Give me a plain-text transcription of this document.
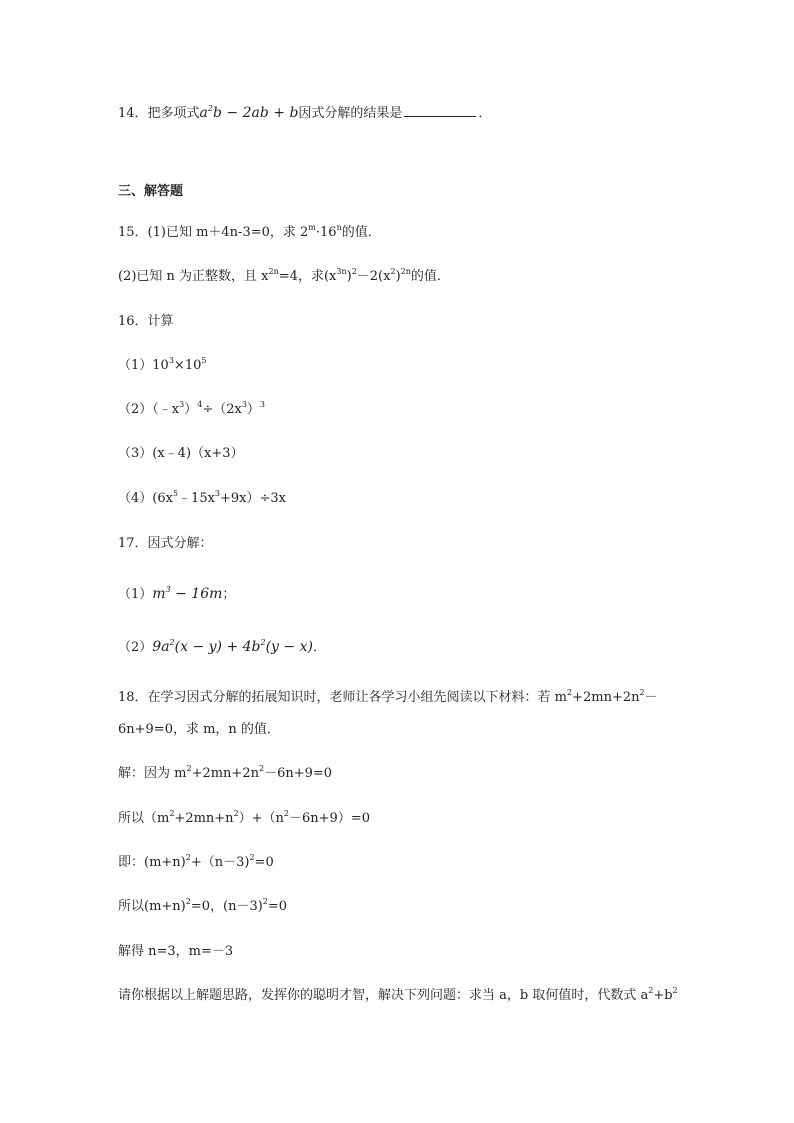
14．把多项式$a^2b - 2ab + b$因式分解的结果是	．
三、解答题
15．(1)已知 m＋4n-3=0，求 $2^m\cdot 16^n$的值．
(2)已知 n 为正整数，且 $x^{2n}=4$，求$(x^{3n})^2-2(x^2)^{2n}$的值．
16．计算
$(1)10^3\times 10^5$
$(2)(﹣x^3)^4\div(2x^3)^3$
（3）(x﹣4)（x+3）
$(4)(6x^5﹣15x^3+9x)\div 3x$
17．因式分解：
$(1)m^3 - 16m$；
$(2)9a^2(x - y) + 4b^2(y - x)$．
18．在学习因式分解的拓展知识时，老师让各学习小组先阅读以下材料：若 $m^2+2mn+2n^2-$
6n+9=0，求 m，n 的值．
解：因为 $m^2+2mn+2n^2-6n+9=0$
所以$(m^2+2mn+n^2)+(n^2-6n+9)=0$
即：$(m+n)^2+(n-3)^2=0$
所以$(m+n)^2=0$，$(n-3)^2=0$
解得 n=3，m=－3
请你根据以上解题思路，发挥你的聪明才智，解决下列问题：求当 a，b 取何值时，代数式 $a^2+b^2$
